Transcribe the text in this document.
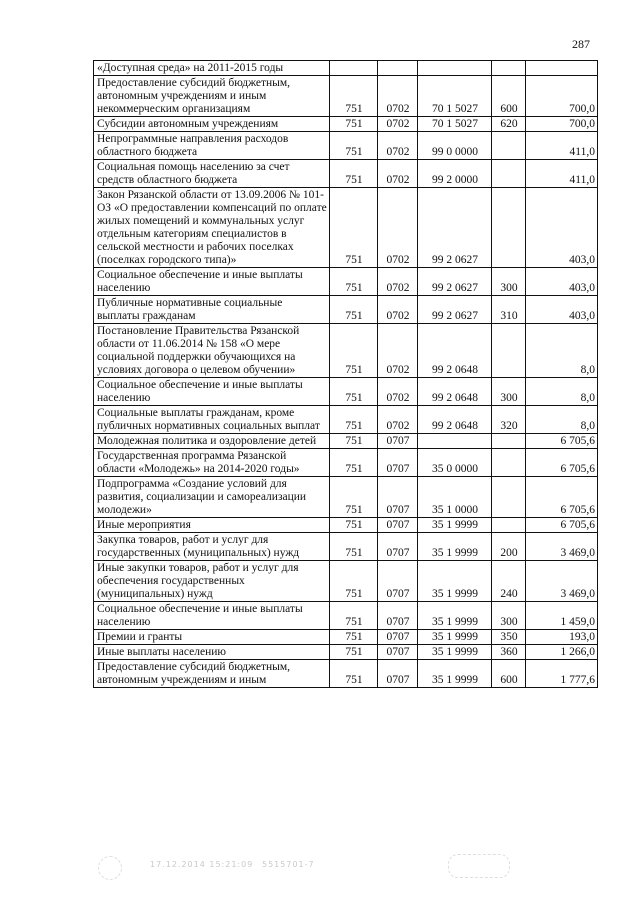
287
«Доступная среда» на 2011-2015 годы					
Предоставление субсидий бюджетным, автономным учреждениям и иным некоммерческим организациям	751	0702	70 1 5027	600	700,0
Субсидии автономным учреждениям	751	0702	70 1 5027	620	700,0
Непрограммные направления расходов областного бюджета	751	0702	99 0 0000		411,0
Социальная помощь населению за счет средств областного бюджета	751	0702	99 2 0000		411,0
Закон Рязанской области от 13.09.2006 № 101-ОЗ «О предоставлении компенсаций по оплате жилых помещений и коммунальных услуг отдельным категориям специалистов в сельской местности и рабочих поселках (поселках городского типа)»	751	0702	99 2 0627		403,0
Социальное обеспечение и иные выплаты населению	751	0702	99 2 0627	300	403,0
Публичные нормативные социальные выплаты гражданам	751	0702	99 2 0627	310	403,0
Постановление Правительства Рязанской области от 11.06.2014 № 158 «О мере социальной поддержки обучающихся на условиях договора о целевом обучении»	751	0702	99 2 0648		8,0
Социальное обеспечение и иные выплаты населению	751	0702	99 2 0648	300	8,0
Социальные выплаты гражданам, кроме публичных нормативных социальных выплат	751	0702	99 2 0648	320	8,0
Молодежная политика и оздоровление детей	751	0707			6 705,6
Государственная программа Рязанской области «Молодежь» на 2014-2020 годы»	751	0707	35 0 0000		6 705,6
Подпрограмма «Создание условий для развития, социализации и самореализации молодежи»	751	0707	35 1 0000		6 705,6
Иные мероприятия	751	0707	35 1 9999		6 705,6
Закупка товаров, работ и услуг для государственных (муниципальных) нужд	751	0707	35 1 9999	200	3 469,0
Иные закупки товаров, работ и услуг для обеспечения государственных (муниципальных) нужд	751	0707	35 1 9999	240	3 469,0
Социальное обеспечение и иные выплаты населению	751	0707	35 1 9999	300	1 459,0
Премии и гранты	751	0707	35 1 9999	350	193,0
Иные выплаты населению	751	0707	35 1 9999	360	1 266,0
Предоставление субсидий бюджетным, автономным учреждениям и иным	751	0707	35 1 9999	600	1 777,6
17.12.2014 15:21:09 5515701-7
